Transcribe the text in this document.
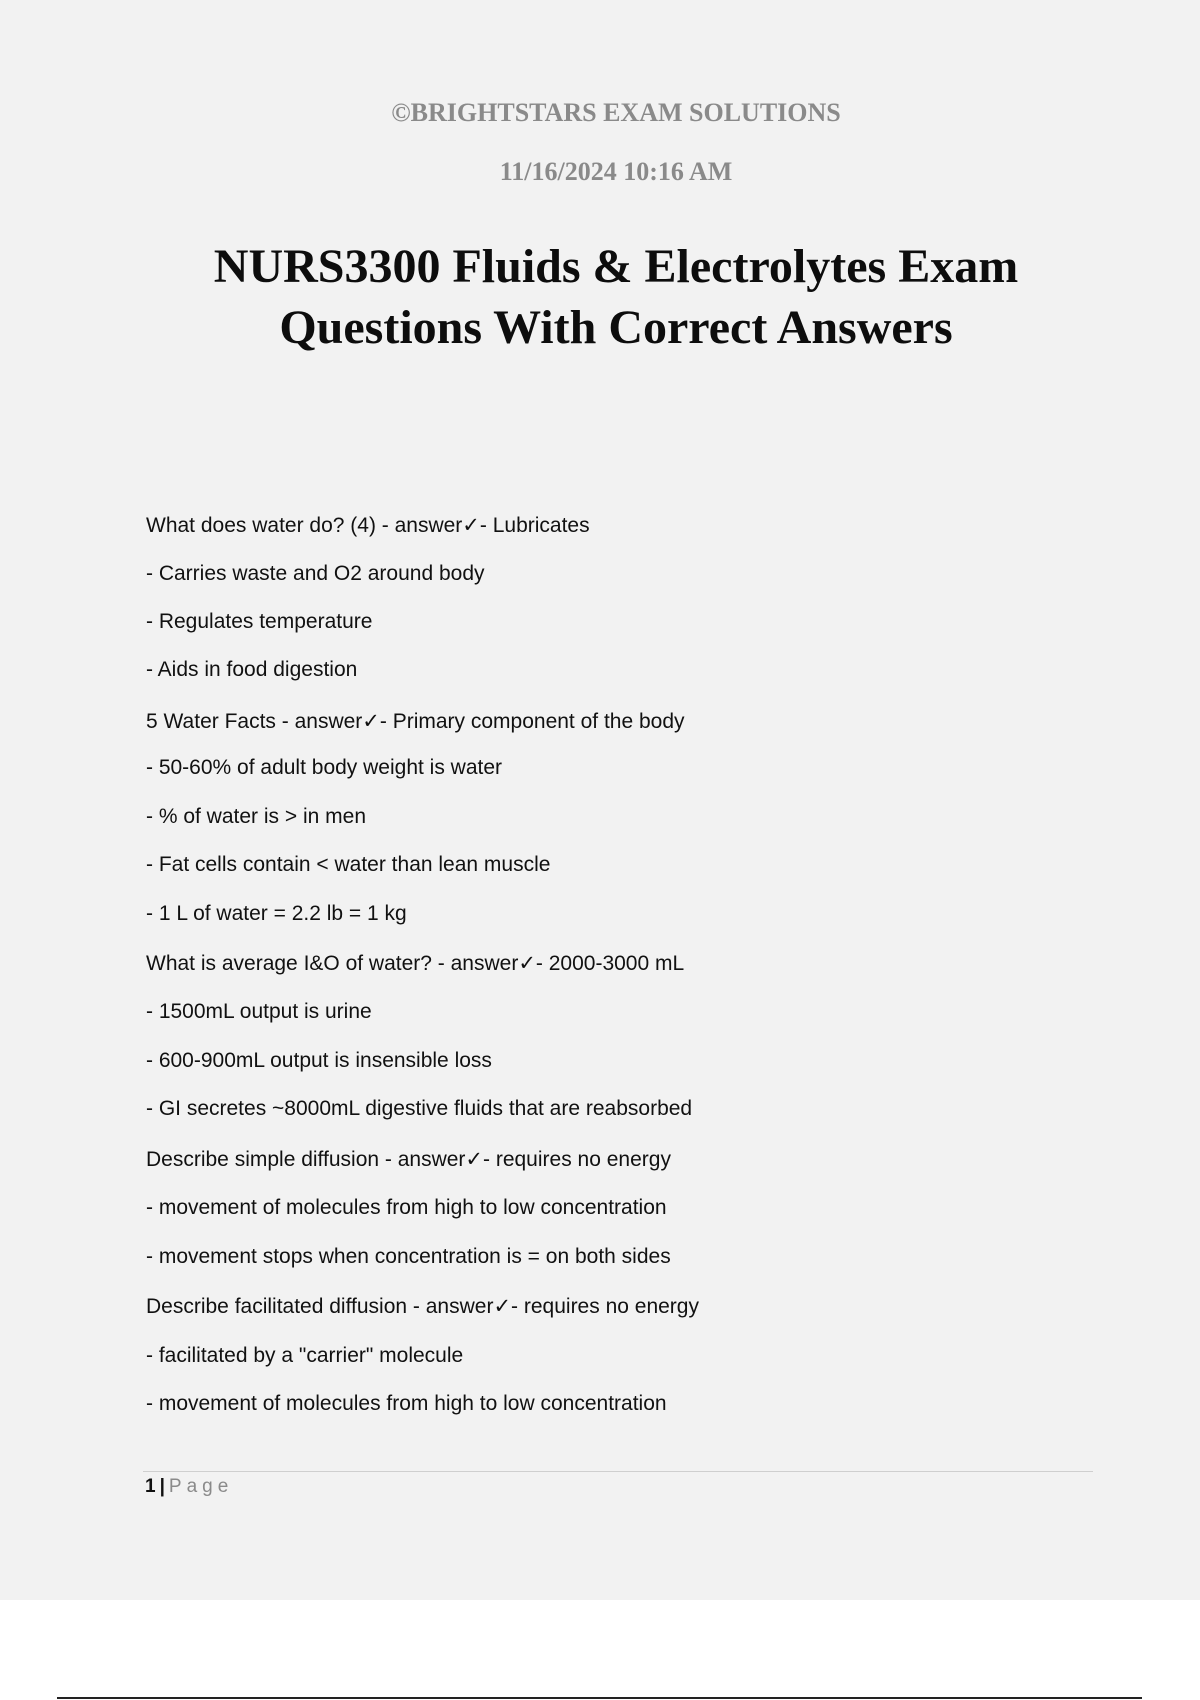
©BRIGHTSTARS EXAM SOLUTIONS

11/16/2024 10:16 AM

NURS3300 Fluids & Electrolytes Exam
Questions With Correct Answers
What does water do? (4) - answer✓- Lubricates
- Carries waste and O2 around body
- Regulates temperature
- Aids in food digestion
5 Water Facts - answer✓- Primary component of the body
- 50-60% of adult body weight is water
- % of water is > in men
- Fat cells contain < water than lean muscle
- 1 L of water = 2.2 lb = 1 kg
What is average I&O of water? - answer✓- 2000-3000 mL
- 1500mL output is urine
- 600-900mL output is insensible loss
- GI secretes ~8000mL digestive fluids that are reabsorbed
Describe simple diffusion - answer✓- requires no energy
- movement of molecules from high to low concentration
- movement stops when concentration is = on both sides
Describe facilitated diffusion - answer✓- requires no energy
- facilitated by a "carrier" molecule
- movement of molecules from high to low concentration
1 | Page
